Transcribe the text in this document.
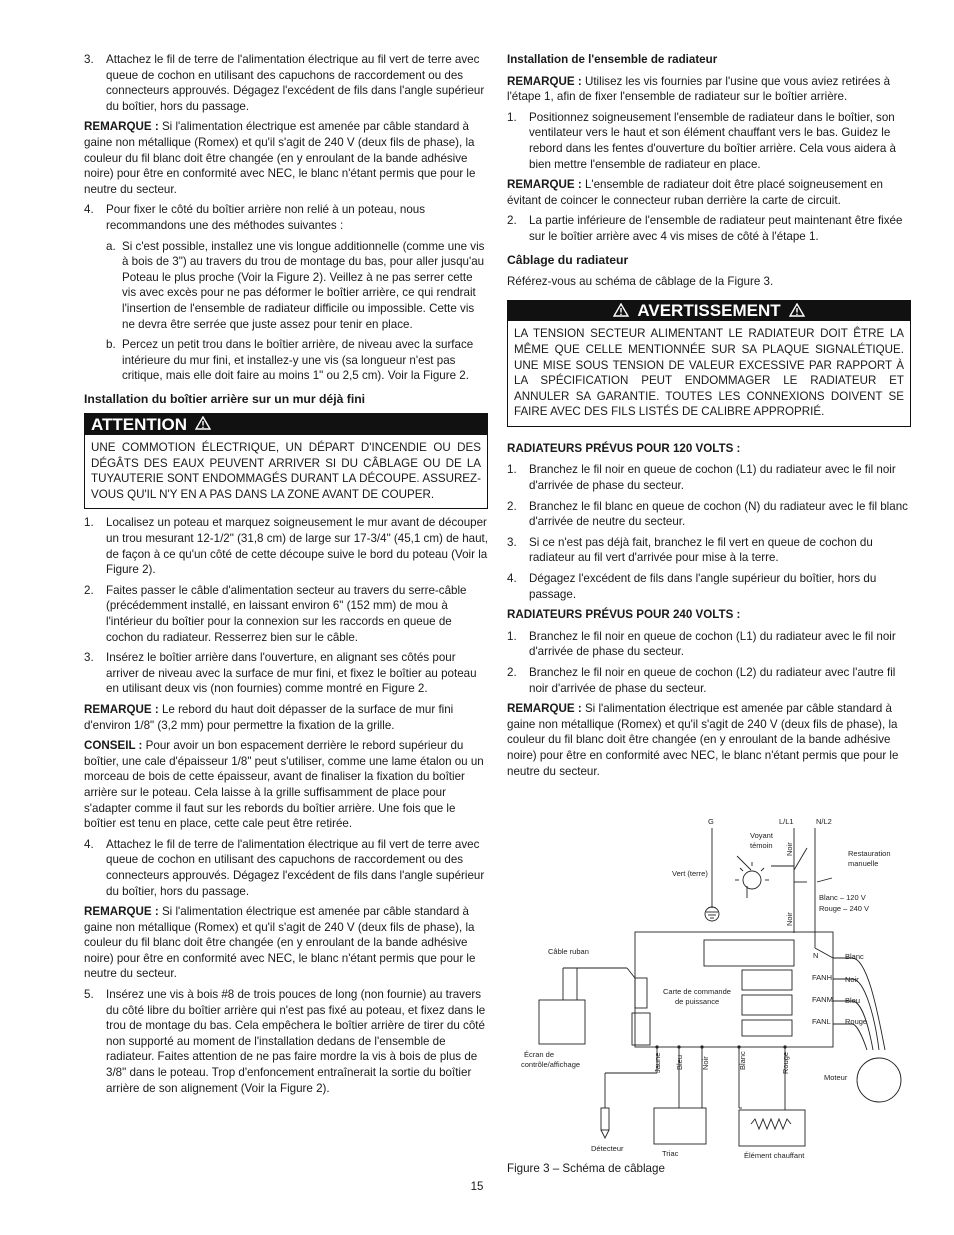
3.	Attachez le fil de terre de l'alimentation électrique au fil vert de terre avec queue de cochon en utilisant des capuchons de raccordement ou des connecteurs approuvés. Dégagez l'excédent de fils dans l'angle supérieur du boîtier, hors du passage.

REMARQUE : Si l'alimentation électrique est amenée par câble standard à gaine non métallique (Romex) et qu'il s'agit de 240 V (deux fils de phase), la couleur du fil blanc doit être changée (en y enroulant de la bande adhésive noire) pour être en conformité avec NEC, le blanc n'étant permis que pour le neutre du secteur.

4.	Pour fixer le côté du boîtier arrière non relié à un poteau, nous recommandons une des méthodes suivantes :
a. Si c'est possible, installez une vis longue additionnelle (comme une vis à bois de 3") au travers du trou de montage du bas, pour aller jusqu'au Poteau le plus proche (Voir la Figure 2). Veillez à ne pas serrer cette vis avec excès pour ne pas déformer le boîtier arrière, ce qui rendrait l'insertion de l'ensemble de radiateur difficile ou impossible. Cette vis ne devra être serrée que juste assez pour tenir en place.
b. Percez un petit trou dans le boîtier arrière, de niveau avec la surface intérieure du mur fini, et installez-y une vis (sa longueur n'est pas critique, mais elle doit faire au moins 1" ou 2,5 cm). Voir la Figure 2.
Installation du boîtier arrière sur un mur déjà fini
ATTENTION
UNE COMMOTION ÉLECTRIQUE, UN DÉPART D'INCENDIE OU DES DÉGÂTS DES EAUX PEUVENT ARRIVER SI DU CÂBLAGE OU DE LA TUYAUTERIE SONT ENDOMMAGÉS DURANT LA DÉCOUPE. ASSUREZ-VOUS QU'IL N'Y EN A PAS DANS LA ZONE AVANT DE COUPER.
1.	Localisez un poteau et marquez soigneusement le mur avant de découper un trou mesurant 12-1/2" (31,8 cm) de large sur 17-3/4" (45,1 cm) de haut, de façon à ce qu'un côté de cette découpe suive le bord du poteau (Voir la Figure 2).
2.	Faites passer le câble d'alimentation secteur au travers du serre-câble (précédemment installé, en laissant environ 6" (152 mm) de mou à l'intérieur du boîtier pour la connexion sur les raccords en queue de cochon du radiateur. Resserrez bien sur le câble.
3.	Insérez le boîtier arrière dans l'ouverture, en alignant ses côtés pour arriver de niveau avec la surface de mur fini, et fixez le boîtier au poteau en utilisant deux vis (non fournies) comme montré en Figure 2.

REMARQUE : Le rebord du haut doit dépasser de la surface de mur fini d'environ 1/8" (3,2 mm) pour permettre la fixation de la grille.

CONSEIL : Pour avoir un bon espacement derrière le rebord supérieur du boîtier, une cale d'épaisseur 1/8" peut s'utiliser, comme une lame étalon ou un morceau de bois de cette épaisseur, avant de finaliser la fixation du boîtier arrière sur le poteau. Cela laisse à la grille suffisamment de place pour s'adapter comme il faut sur les rebords du boîtier arrière. Une fois que le boîtier est tenu en place, cette cale peut être retirée.

4.	Attachez le fil de terre de l'alimentation électrique au fil vert de terre avec queue de cochon en utilisant des capuchons de raccordement ou des connecteurs approuvés. Dégagez l'excédent de fils dans l'angle supérieur du boîtier, hors du passage.

REMARQUE : Si l'alimentation électrique est amenée par câble standard à gaine non métallique (Romex) et qu'il s'agit de 240 V (deux fils de phase), la couleur du fil blanc doit être changée (en y enroulant de la bande adhésive noire) pour être en conformité avec NEC, le blanc n'étant permis que pour le neutre du secteur.

5.	Insérez une vis à bois #8 de trois pouces de long (non fournie) au travers du côté libre du boîtier arrière qui n'est pas fixé au poteau, et fixez dans le trou de montage du bas. Cela empêchera le boîtier arrière de tirer du côté non supporté au moment de l'installation dedans de l'ensemble de radiateur. Faites attention de ne pas faire mordre la vis à bois de plus de 3/8" dans le poteau. Trop d'enfoncement entraînerait la sortie du boîtier arrière de son alignement (Voir la Figure 2).
Installation de l'ensemble de radiateur

REMARQUE : Utilisez les vis fournies par l'usine que vous aviez retirées à l'étape 1, afin de fixer l'ensemble de radiateur sur le boîtier arrière.

1.	Positionnez soigneusement l'ensemble de radiateur dans le boîtier, son ventilateur vers le haut et son élément chauffant vers le bas. Guidez le rebord dans les fentes d'ouverture du boîtier arrière. Cela vous aidera à bien mettre l'ensemble de radiateur en place.

REMARQUE : L'ensemble de radiateur doit être placé soigneusement en évitant de coincer le connecteur ruban derrière la carte de circuit.

2.	La partie inférieure de l'ensemble de radiateur peut maintenant être fixée sur le boîtier arrière avec 4 vis mises de côté à l'étape 1.
Câblage du radiateur

Référez-vous au schéma de câblage de la Figure 3.

AVERTISSEMENT
LA TENSION SECTEUR ALIMENTANT LE RADIATEUR DOIT ÊTRE LA MÊME QUE CELLE MENTIONNÉE SUR SA PLAQUE SIGNALÉTIQUE. UNE MISE SOUS TENSION DE VALEUR EXCESSIVE PAR RAPPORT À LA SPÉCIFICATION PEUT ENDOMMAGER LE RADIATEUR ET ANNULER SA GARANTIE. TOUTES LES CONNEXIONS DOIVENT SE FAIRE AVEC DES FILS LISTÉS DE CALIBRE APPROPRIÉ.
RADIATEURS PRÉVUS POUR 120 VOLTS :
1.	Branchez le fil noir en queue de cochon (L1) du radiateur avec le fil noir d'arrivée de phase du secteur.
2.	Branchez le fil blanc en queue de cochon (N) du radiateur avec le fil blanc d'arrivée de neutre du secteur.
3.	Si ce n'est pas déjà fait, branchez le fil vert en queue de cochon du radiateur au fil vert d'arrivée pour mise à la terre.
4.	Dégagez l'excédent de fils dans l'angle supérieur du boîtier, hors du passage.
RADIATEURS PRÉVUS POUR 240 VOLTS :
1.	Branchez le fil noir en queue de cochon (L1) du radiateur avec le fil noir d'arrivée de phase du secteur.
2.	Branchez le fil noir en queue de cochon (L2) du radiateur avec l'autre fil noir d'arrivée de phase du secteur.

REMARQUE : Si l'alimentation électrique est amenée par câble standard à gaine non métallique (Romex) et qu'il s'agit de 240 V (deux fils de phase), la couleur du fil blanc doit être changée (en y enroulant de la bande adhésive noire) pour être en conformité avec NEC, le blanc n'étant permis que pour le neutre du secteur.

G	L/L1	N/L2
Voyant
témoin Noir	Restauration
manuelle
Vert (terre)
Blanc – 120 V
Rouge – 240 V
Noir
Câble ruban
Carte de commande
de puissance
N
FANH
FANM
FANL
Blanc
Noir
Bleu
Rouge
Écran de
contrôle/affichage	Jaune Bleu Noir	Blanc	Rouge
Moteur
Détecteur
Triac	Élément chauffant
Figure 3 – Schéma de câblage
15
